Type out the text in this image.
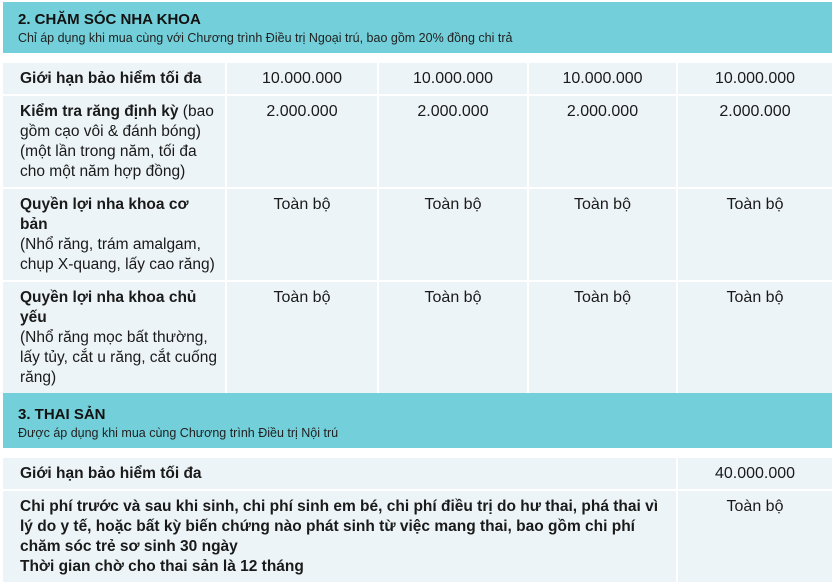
2. CHĂM SÓC NHA KHOA
Chỉ áp dụng khi mua cùng với Chương trình Điều trị Ngoại trú, bao gồm 20% đồng chi trả				

Giới hạn bảo hiểm tối đa	10.000.000	10.000.000	10.000.000	10.000.000
Kiểm tra răng định kỳ (bao gồm cạo vôi & đánh bóng) (một lần trong năm, tối đa cho một năm hợp đồng)	2.000.000	2.000.000	2.000.000	2.000.000

Quyền lợi nha khoa cơ bản
(Nhổ răng, trám amalgam, chụp X-quang, lấy cao răng)	Toàn bộ	Toàn bộ	Toàn bộ	Toàn bộ

Quyền lợi nha khoa chủ yếu
(Nhổ răng mọc bất thường, lấy tủy, cắt u răng, cắt cuống răng)	Toàn bộ	Toàn bộ	Toàn bộ	Toàn bộ

3. THAI SẢN
Được áp dụng khi mua cùng Chương trình Điều trị Nội trú				

Giới hạn bảo hiểm tối đa				40.000.000

Chi phí trước và sau khi sinh, chi phí sinh em bé, chi phí điều trị do hư thai, phá thai vì lý do y tế, hoặc bất kỳ biến chứng nào phát sinh từ việc mang thai, bao gồm chi phí chăm sóc trẻ sơ sinh 30 ngày
Thời gian chờ cho thai sản là 12 tháng				Toàn bộ
